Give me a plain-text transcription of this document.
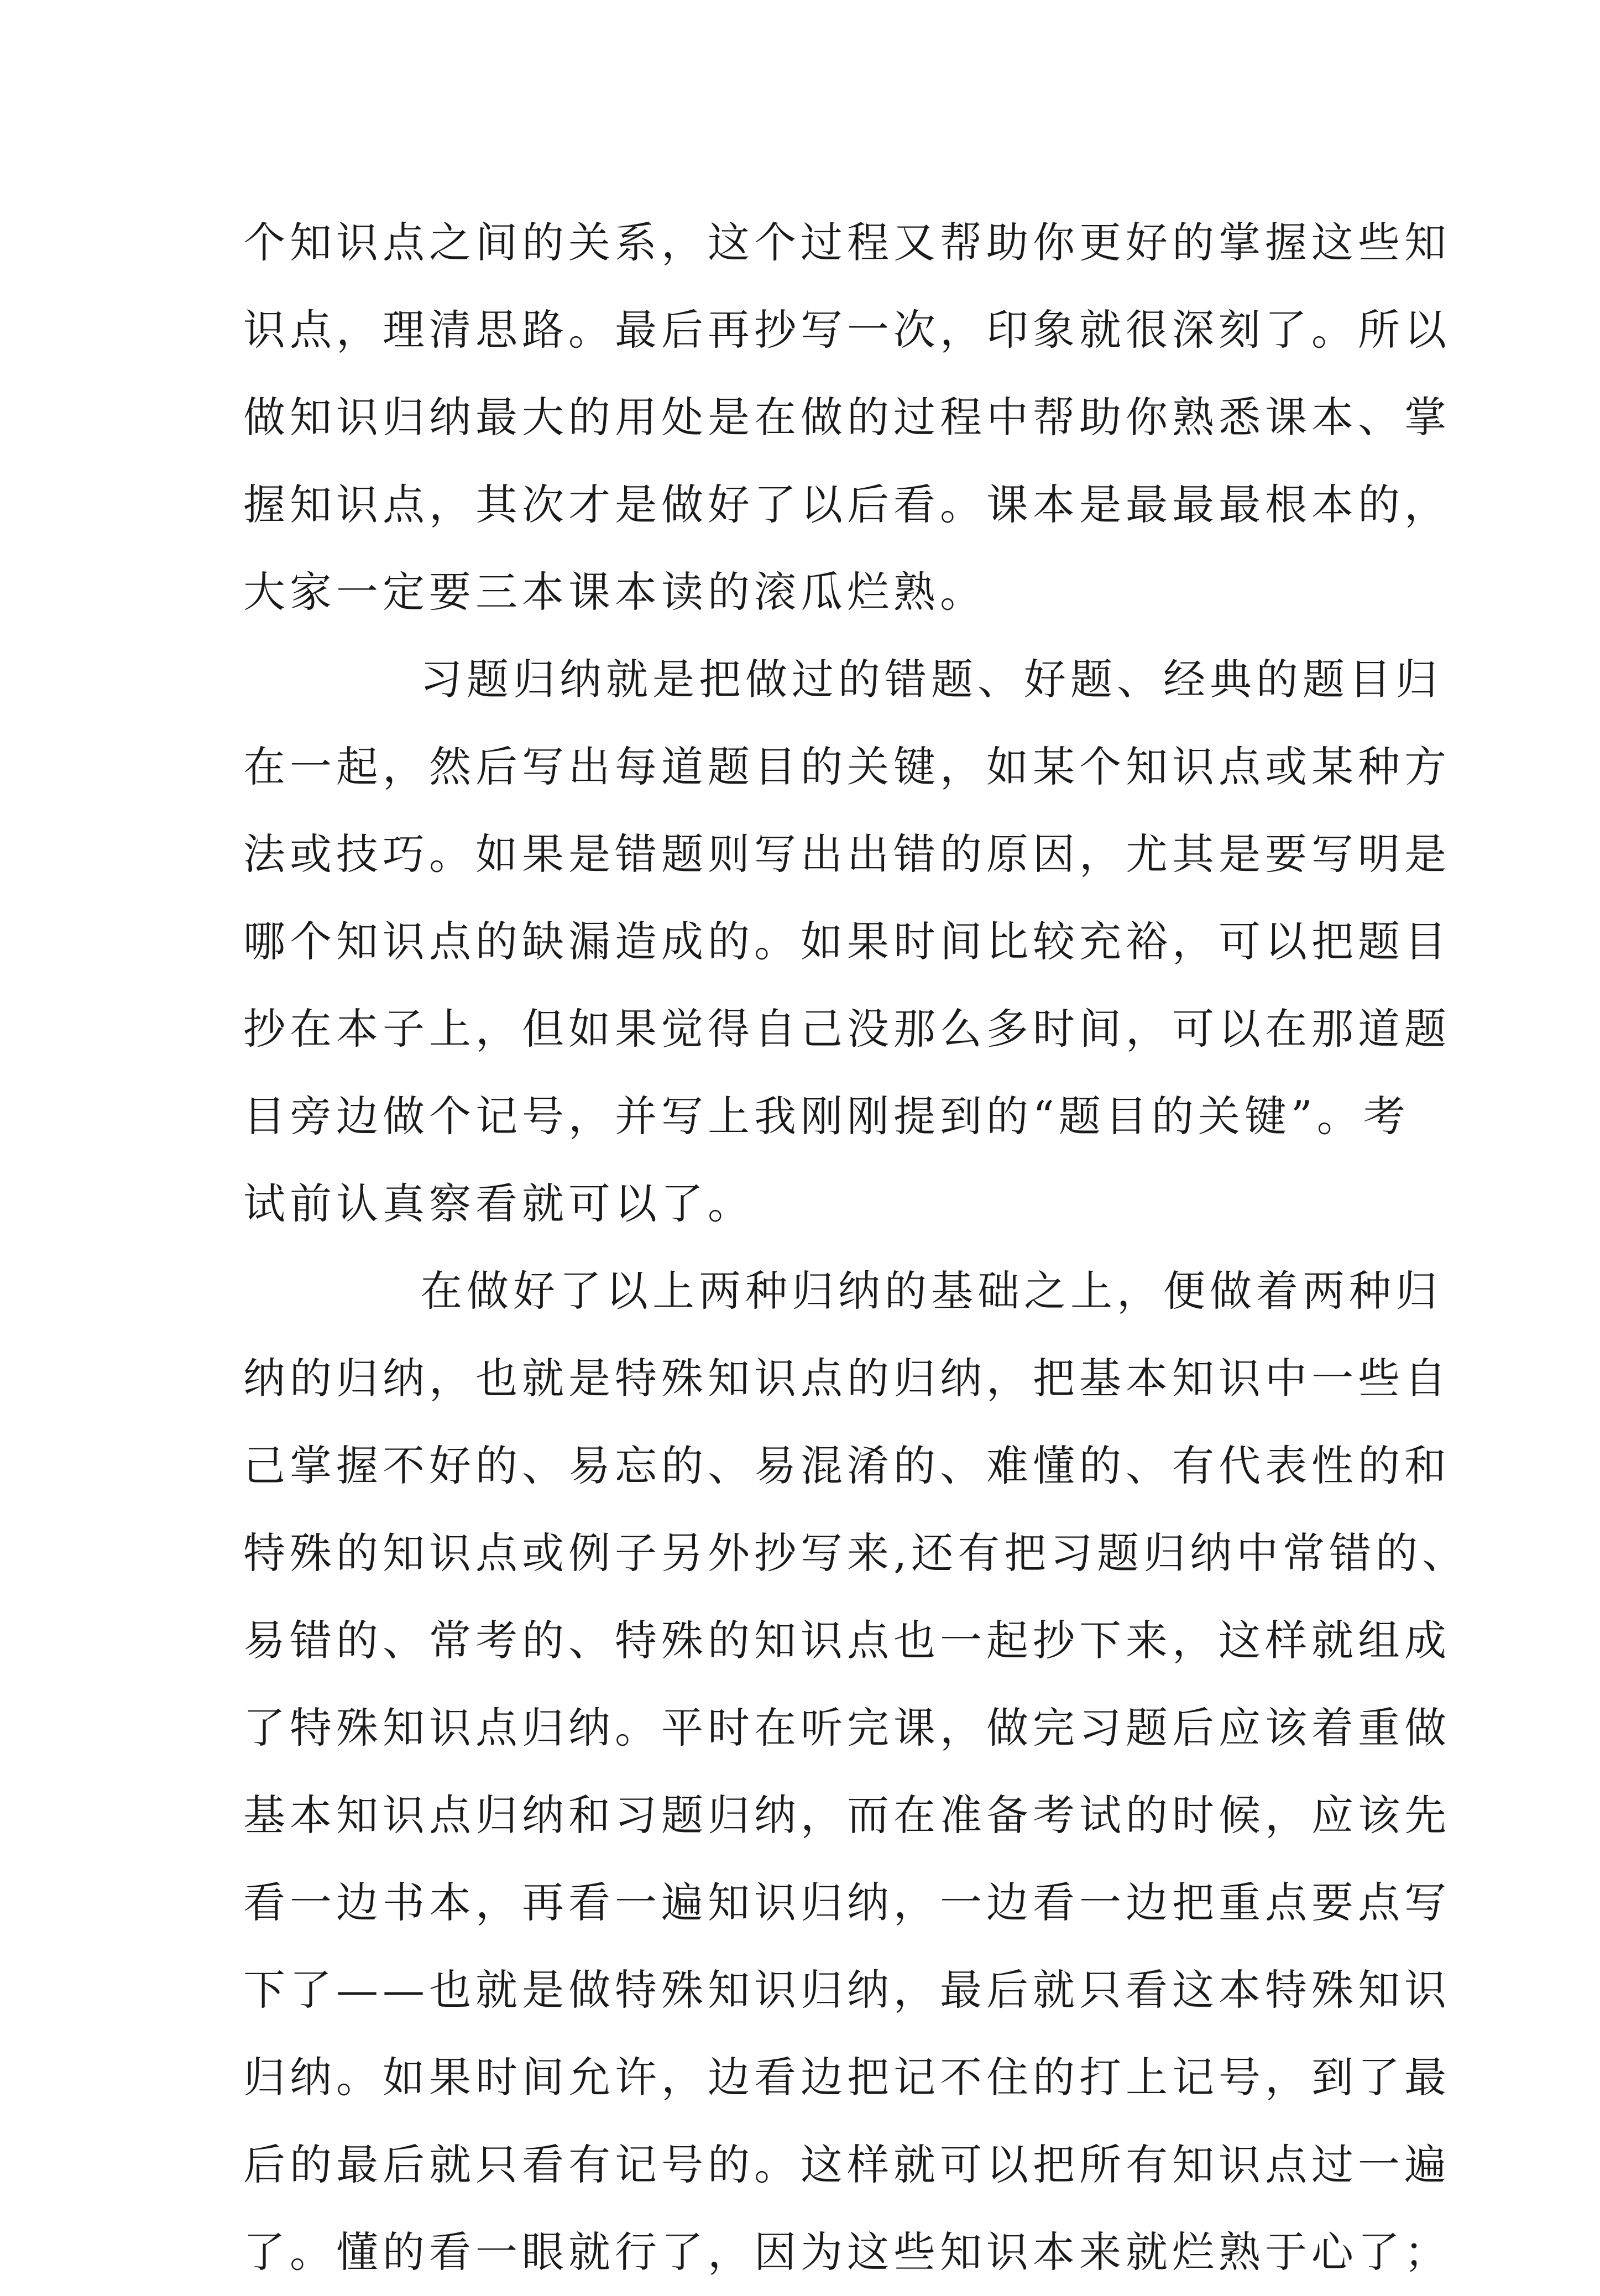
个知识点之间的关系，这个过程又帮助你更好的掌握这些知
识点，理清思路。最后再抄写一次，印象就很深刻了。所以
做知识归纳最大的用处是在做的过程中帮助你熟悉课本、掌
握知识点，其次才是做好了以后看。课本是最最最根本的，
大家一定要三本课本读的滚瓜烂熟。
习题归纳就是把做过的错题、好题、经典的题目归
在一起，然后写出每道题目的关键，如某个知识点或某种方
法或技巧。如果是错题则写出出错的原因，尤其是要写明是
哪个知识点的缺漏造成的。如果时间比较充裕，可以把题目
抄在本子上，但如果觉得自己没那么多时间，可以在那道题
目旁边做个记号，并写上我刚刚提到的“题目的关键”。考
试前认真察看就可以了。
在做好了以上两种归纳的基础之上，便做着两种归
纳的归纳，也就是特殊知识点的归纳，把基本知识中一些自
己掌握不好的、易忘的、易混淆的、难懂的、有代表性的和
特殊的知识点或例子另外抄写来,还有把习题归纳中常错的、
易错的、常考的、特殊的知识点也一起抄下来，这样就组成
了特殊知识点归纳。平时在听完课，做完习题后应该着重做
基本知识点归纳和习题归纳，而在准备考试的时候，应该先
看一边书本，再看一遍知识归纳，一边看一边把重点要点写
下了——也就是做特殊知识归纳，最后就只看这本特殊知识
归纳。如果时间允许，边看边把记不住的打上记号，到了最
后的最后就只看有记号的。这样就可以把所有知识点过一遍
了。懂的看一眼就行了，因为这些知识本来就烂熟于心了；
